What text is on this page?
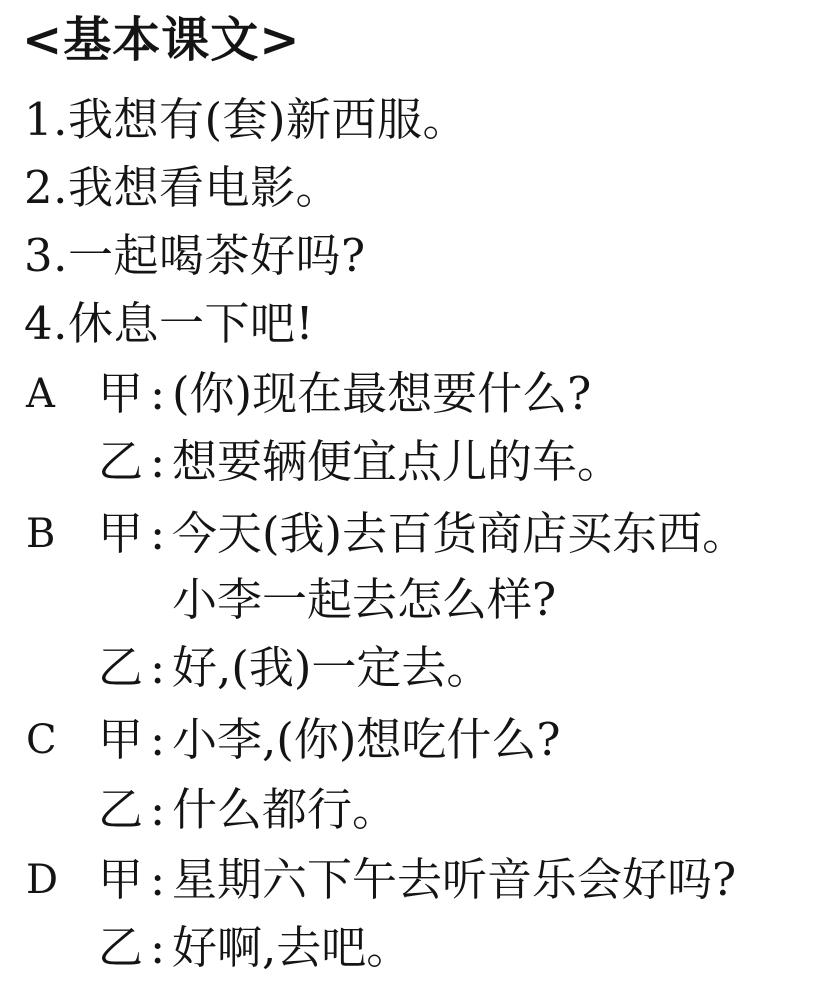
<基本课文>
1.我想有(套)新西服。
2.我想看电影。
3.一起喝茶好吗?
4.休息一下吧!
A 甲 : (你)现在最想要什么?
乙 : 想要辆便宜点儿的车。
B 甲 : 今天(我)去百货商店买东西。
小李一起去怎么样?
乙 : 好,(我)一定去。
C 甲 : 小李,(你)想吃什么?
乙 : 什么都行。
D 甲 : 星期六下午去听音乐会好吗?
乙 : 好啊,去吧。
